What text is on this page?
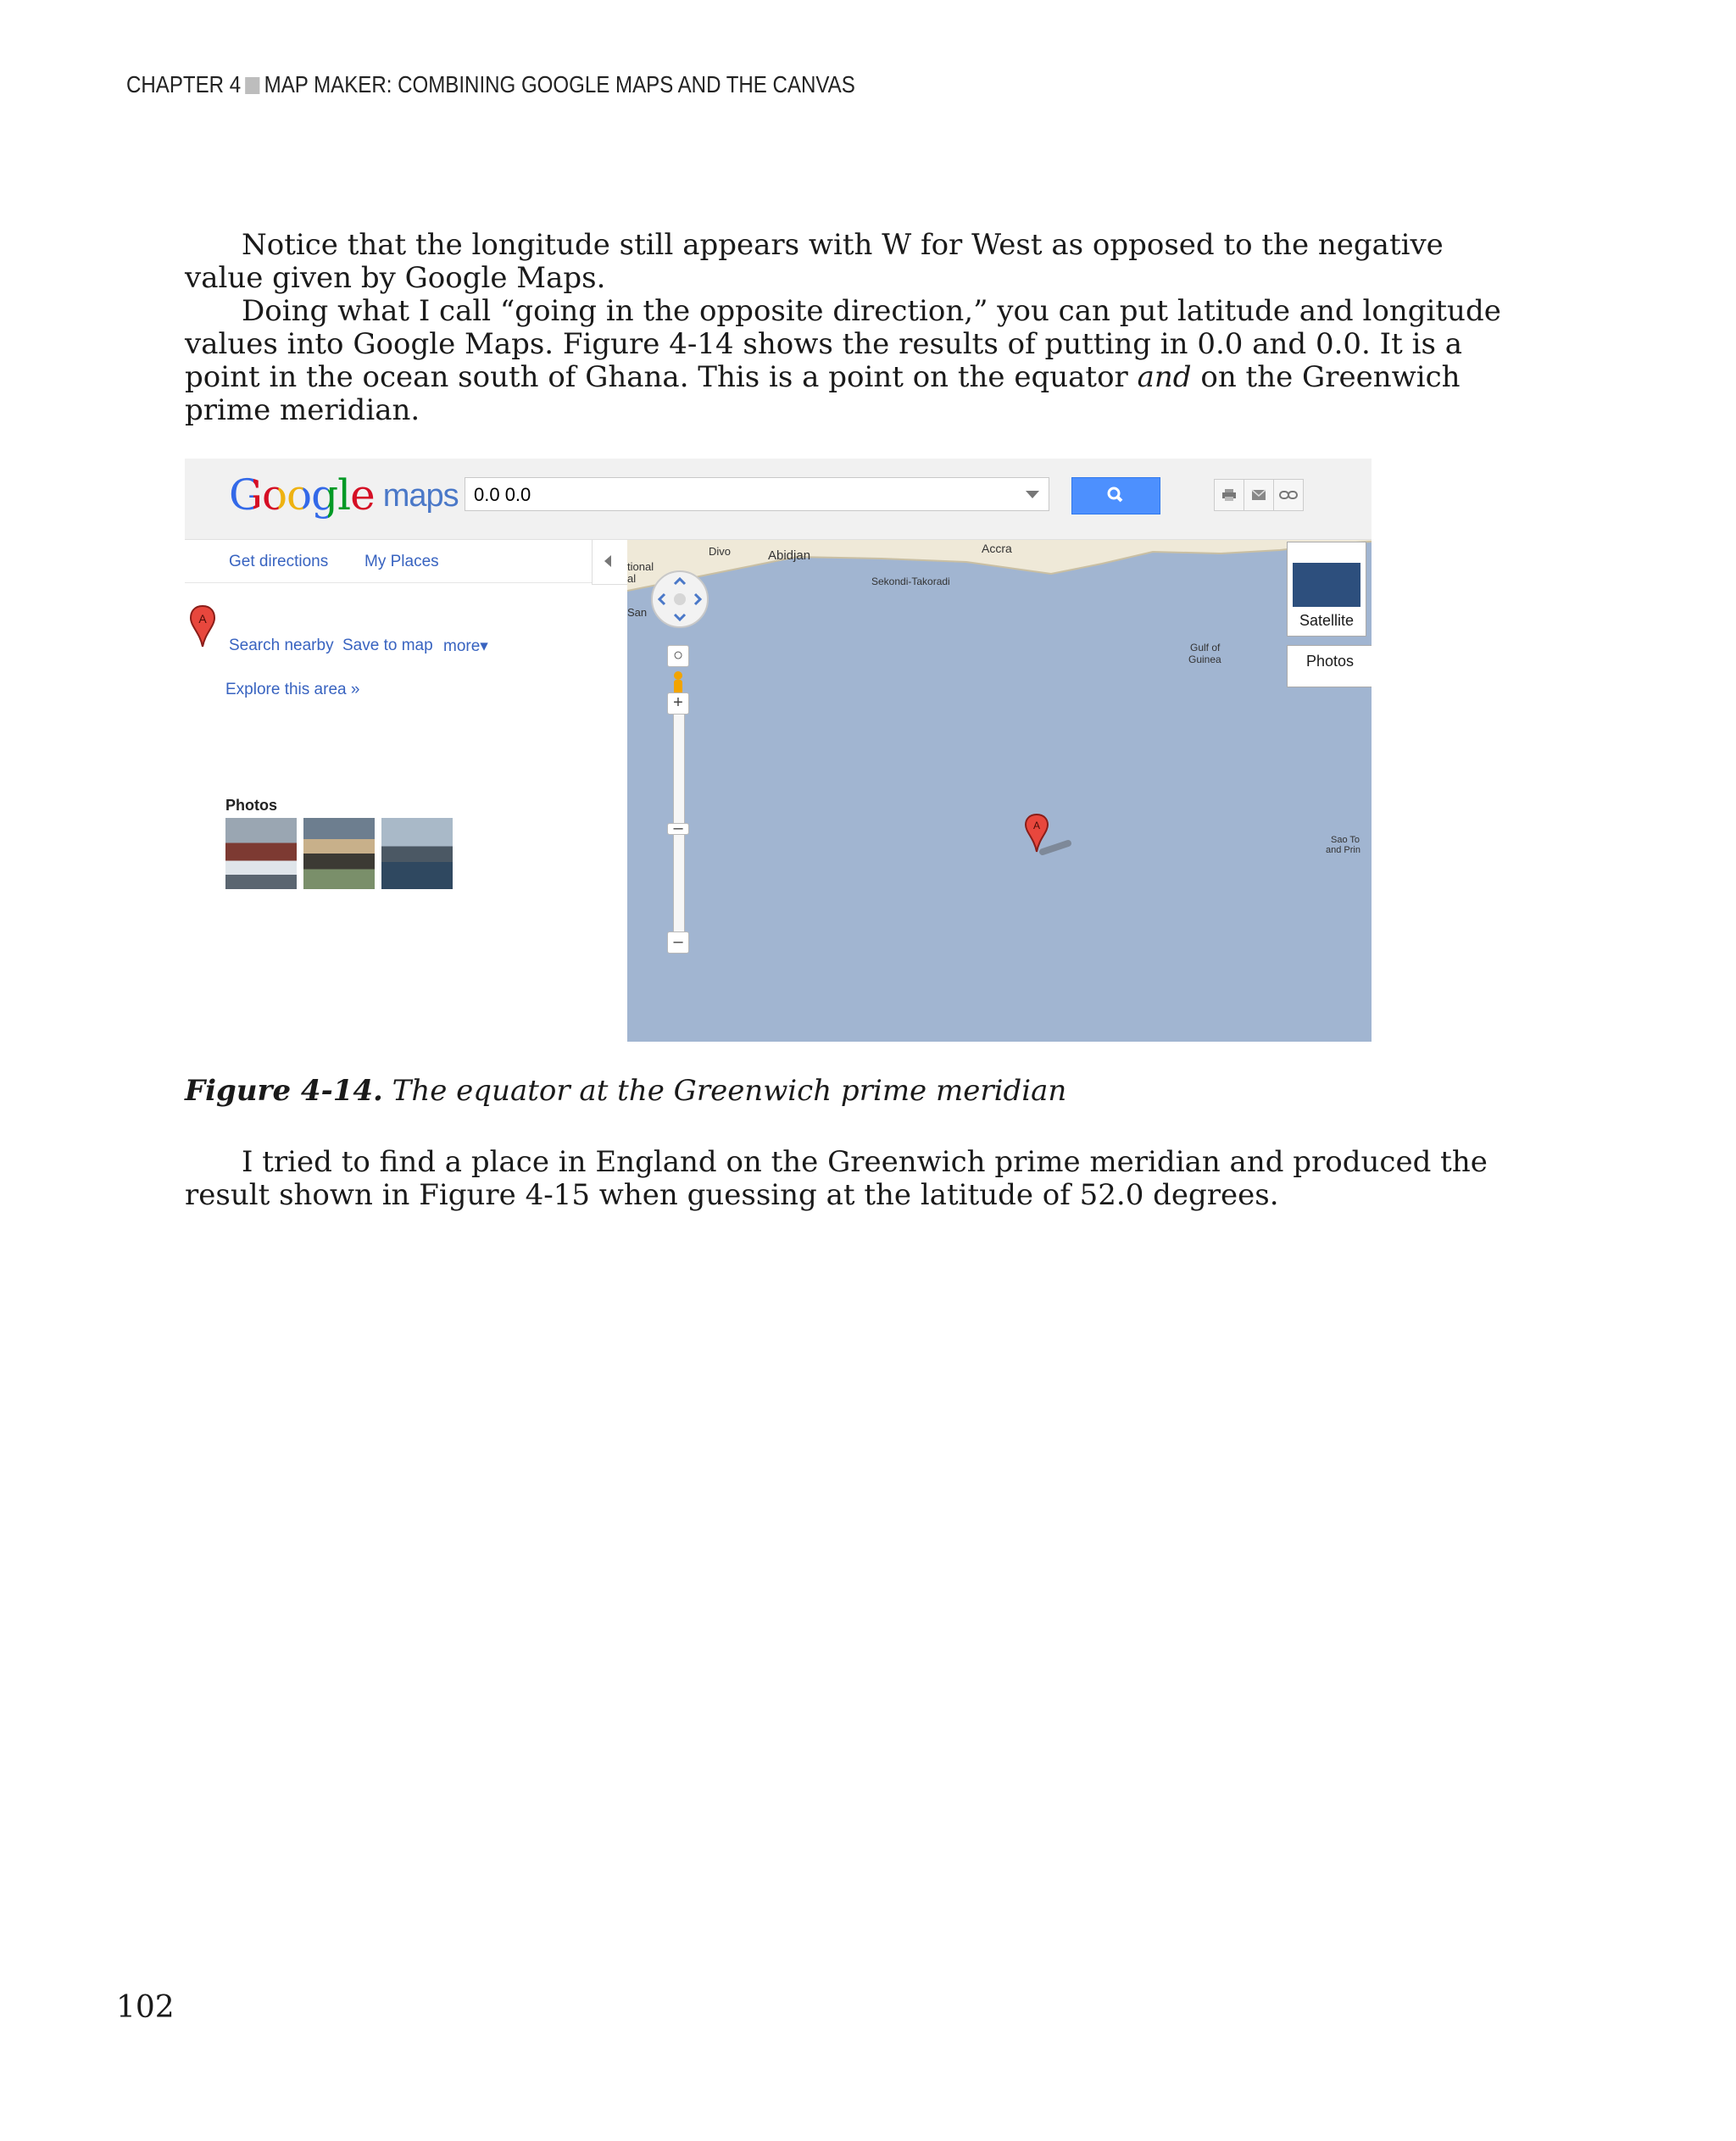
CHAPTER 4 MAP MAKER: COMBINING GOOGLE MAPS AND THE CANVAS

Notice that the longitude still appears with W for West as opposed to the negative value given by Google Maps.

Doing what I call “going in the opposite direction,” you can put latitude and longitude values into Google Maps. Figure 4-14 shows the results of putting in 0.0 and 0.0. It is a point in the ocean south of Ghana. This is a point on the equator and on the Greenwich prime meridian.

Google maps 0.0 0.0
Get directions My Places
A
Search nearby Save to map more▾
Explore this area »
Photos
Divo	Abidjan	Accra
Sekondi-Takoradi
tional
al
San
Gulf of
Guinea
Sao To
and Prin
○
+
–
–
A
Satellite
Photos
Figure 4-14. The equator at the Greenwich prime meridian

I tried to find a place in England on the Greenwich prime meridian and produced the result shown in Figure 4-15 when guessing at the latitude of 52.0 degrees.

102
